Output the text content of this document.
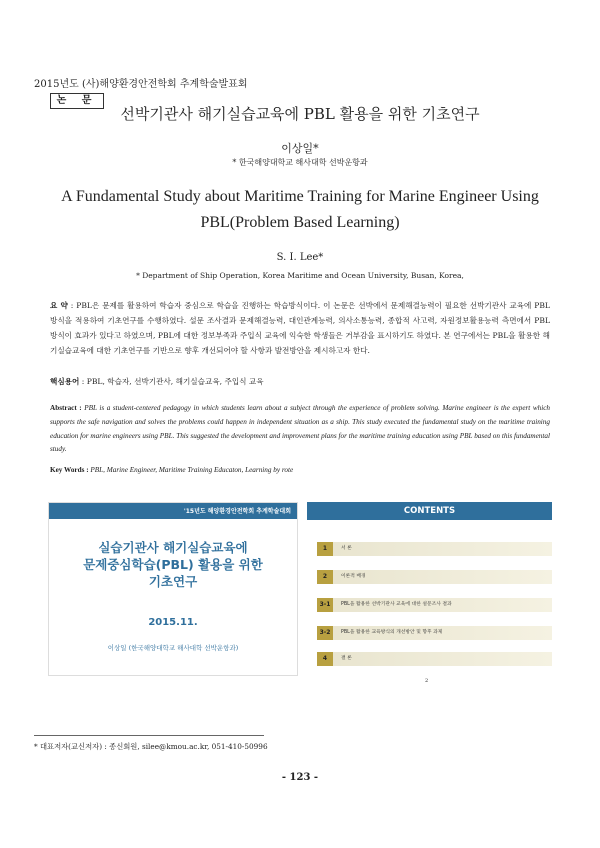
2015년도 (사)해양환경안전학회 추계학술발표회
논 문
선박기관사 해기실습교육에 PBL 활용을 위한 기초연구
이상일*
* 한국해양대학교 해사대학 선박운항과
A Fundamental Study about Maritime Training for Marine Engineer Using PBL(Problem Based Learning)
S. I. Lee*
* Department of Ship Operation, Korea Maritime and Ocean University, Busan, Korea,
요 약 : PBL은 문제를 활용하여 학습자 중심으로 학습을 진행하는 학습방식이다. 이 논문은 선박에서 문제해결능력이 필요한 선박기관사 교육에 PBL 방식을 적용하여 기초연구를 수행하였다. 설문 조사결과 문제해결능력, 대인관계능력, 의사소통능력, 종합적 사고력, 자원정보활용능력 측면에서 PBL 방식이 효과가 있다고 하였으며, PBL에 대한 정보부족과 주입식 교육에 익숙한 학생들은 거부감을 표시하기도 하였다. 본 연구에서는 PBL을 활용한 해기실습교육에 대한 기초연구를 기반으로 향후 개선되어야 할 사항과 발전방안을 제시하고자 한다.
핵심용어 : PBL, 학습자, 선박기관사, 해기실습교육, 주입식 교육
Abstract : PBL is a student-centered pedagogy in which students learn about a subject through the experience of problem solving. Marine engineer is the expert which supports the safe navigation and solves the problems could happen in independent situation as a ship. This study executed the fundamental study on the maritime training education for marine engineers using PBL. This suggested the development and improvement plans for the maritime training education using PBL based on this fundamental study.
Key Words : PBL, Marine Engineer, Maritime Training Educaton, Learning by rote
'15년도 해양환경안전학회 추계학술대회
실습기관사 해기실습교육에
문제중심학습(PBL) 활용을 위한
기초연구
2015.11.
이상일 (한국해양대학교 해사대학 선박운항과)
CONTENTS
1	서 론
2	이론적 배경
3-1	PBL을 활용한 선박기관사 교육에 대한 설문조사 결과
3-2	PBL을 활용한 교육방식의 개선방안 및 향후 과제
4	결 론
2
* 대표저자(교신저자) : 종신회원, silee@kmou.ac.kr, 051-410-50996
- 123 -
